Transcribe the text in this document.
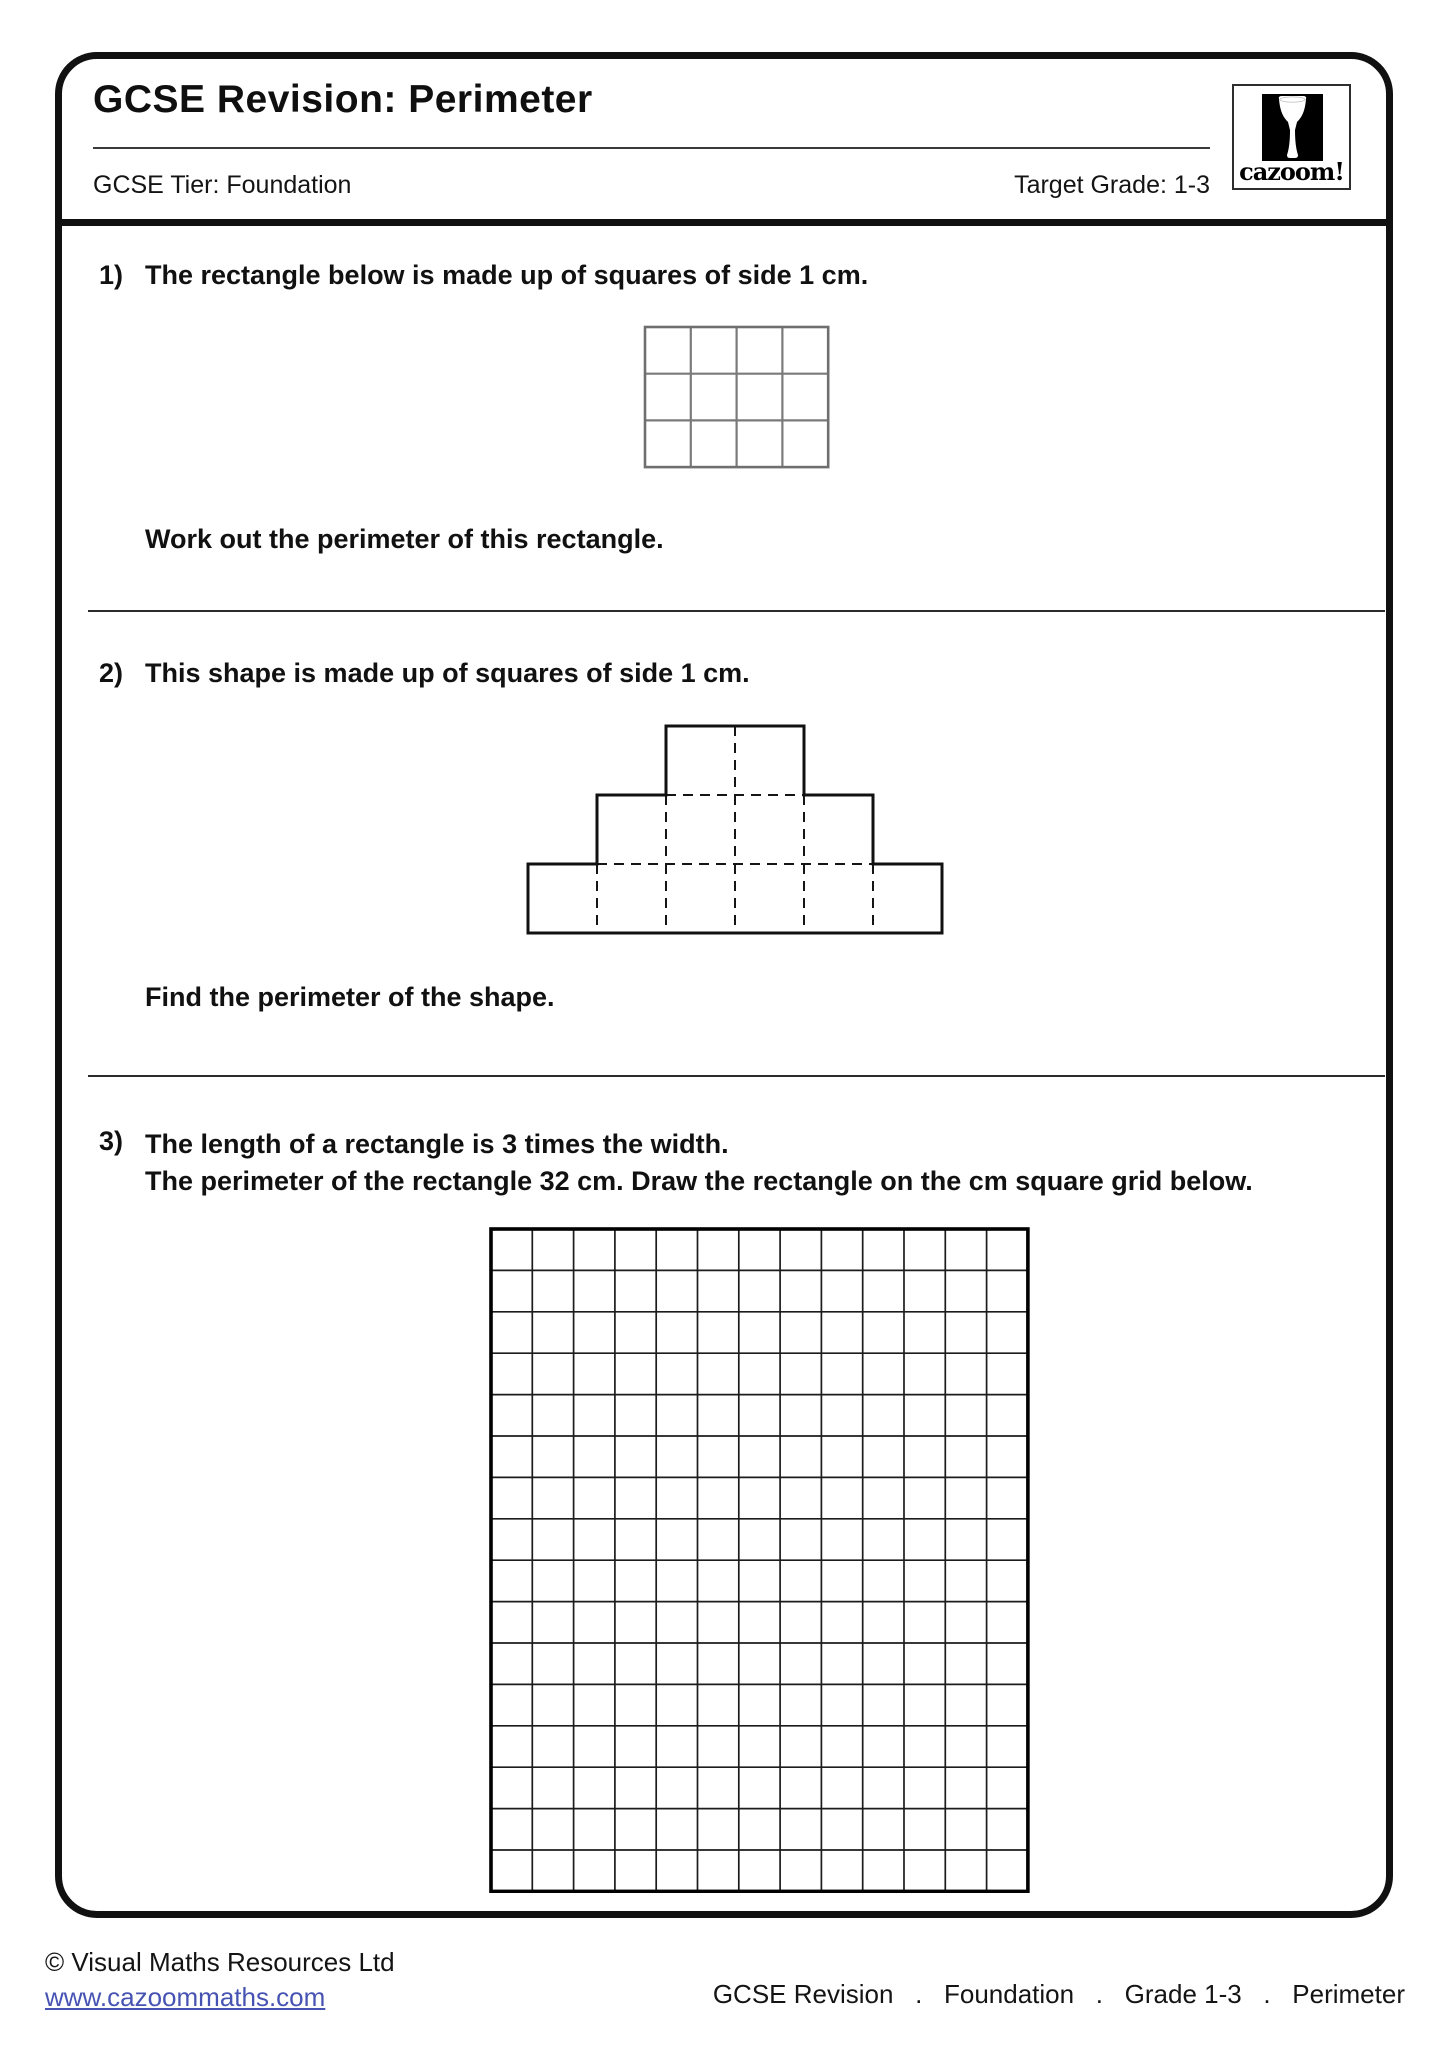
GCSE Revision: Perimeter
GCSE Tier: Foundation	Target Grade: 1-3 cazoom!
1) The rectangle below is made up of squares of side 1 cm.
Work out the perimeter of this rectangle.
2) This shape is made up of squares of side 1 cm.
Find the perimeter of the shape.
3) The length of a rectangle is 3 times the width.
The perimeter of the rectangle 32 cm. Draw the rectangle on the cm square grid below.
© Visual Maths Resources Ltd
www.cazoommaths.com	GCSE Revision   .   Foundation   .   Grade 1-3   .   Perimeter
